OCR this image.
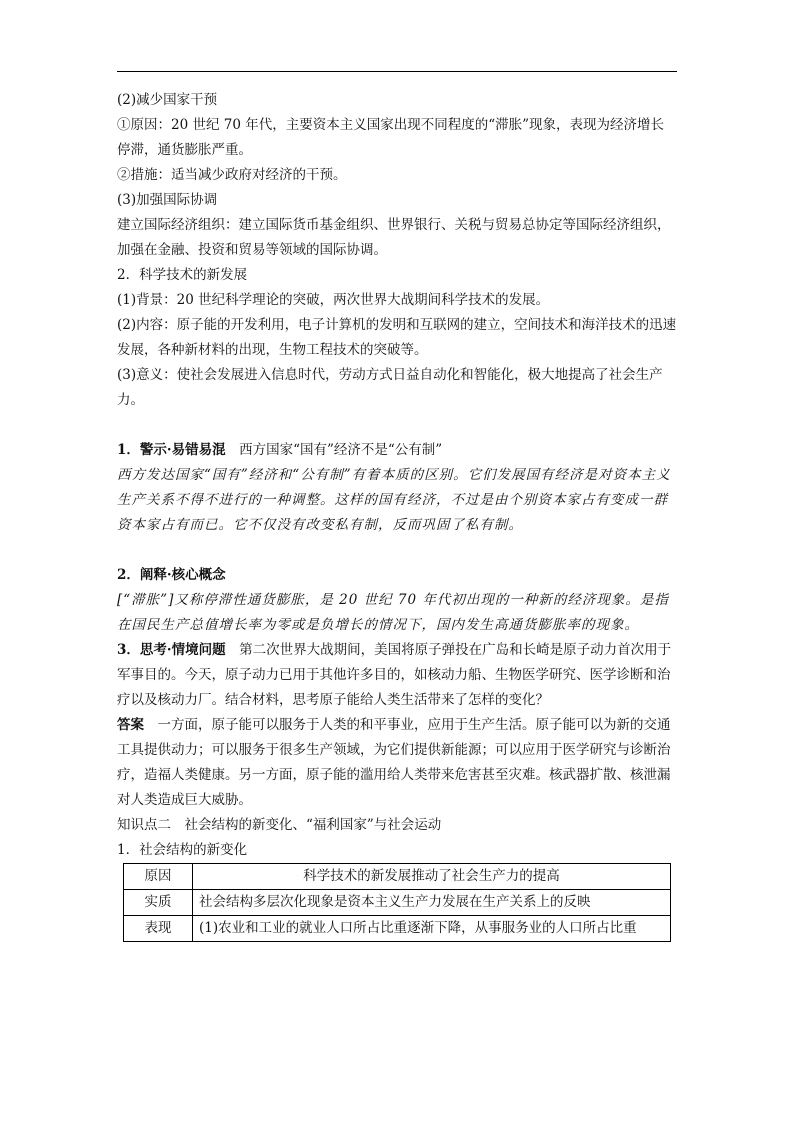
(2)减少国家干预

①原因：20 世纪 70 年代，主要资本主义国家出现不同程度的“滞胀”现象，表现为经济增长停滞，通货膨胀严重。

②措施：适当减少政府对经济的干预。

(3)加强国际协调

建立国际经济组织：建立国际货币基金组织、世界银行、关税与贸易总协定等国际经济组织，加强在金融、投资和贸易等领域的国际协调。

2．科学技术的新发展

(1)背景：20 世纪科学理论的突破，两次世界大战期间科学技术的发展。

(2)内容：原子能的开发利用，电子计算机的发明和互联网的建立，空间技术和海洋技术的迅速发展，各种新材料的出现，生物工程技术的突破等。

(3)意义：使社会发展进入信息时代，劳动方式日益自动化和智能化，极大地提高了社会生产力。

1．警示·易错易混　 西方国家“国有”经济不是“公有制”

西方发达国家“国有”经济和“公有制”有着本质的区别。它们发展国有经济是对资本主义生产关系不得不进行的一种调整。这样的国有经济，不过是由个别资本家占有变成一群资本家占有而已。它不仅没有改变私有制，反而巩固了私有制。

2．阐释·核心概念

[“滞胀”]又称停滞性通货膨胀，是 20 世纪 70 年代初出现的一种新的经济现象。是指在国民生产总值增长率为零或是负增长的情况下，国内发生高通货膨胀率的现象。

3．思考·情境问题　 第二次世界大战期间，美国将原子弹投在广岛和长崎是原子动力首次用于军事目的。今天，原子动力已用于其他许多目的，如核动力船、生物医学研究、医学诊断和治疗以及核动力厂。结合材料，思考原子能给人类生活带来了怎样的变化？

答案　 一方面，原子能可以服务于人类的和平事业，应用于生产生活。原子能可以为新的交通工具提供动力；可以服务于很多生产领域，为它们提供新能源；可以应用于医学研究与诊断治疗，造福人类健康。另一方面，原子能的滥用给人类带来危害甚至灾难。核武器扩散、核泄漏对人类造成巨大威胁。

知识点二　社会结构的新变化、“福利国家”与社会运动

1．社会结构的新变化

原因	科学技术的新发展推动了社会生产力的提高
实质	社会结构多层次化现象是资本主义生产力发展在生产关系上的反映
表现	(1)农业和工业的就业人口所占比重逐渐下降，从事服务业的人口所占比重
